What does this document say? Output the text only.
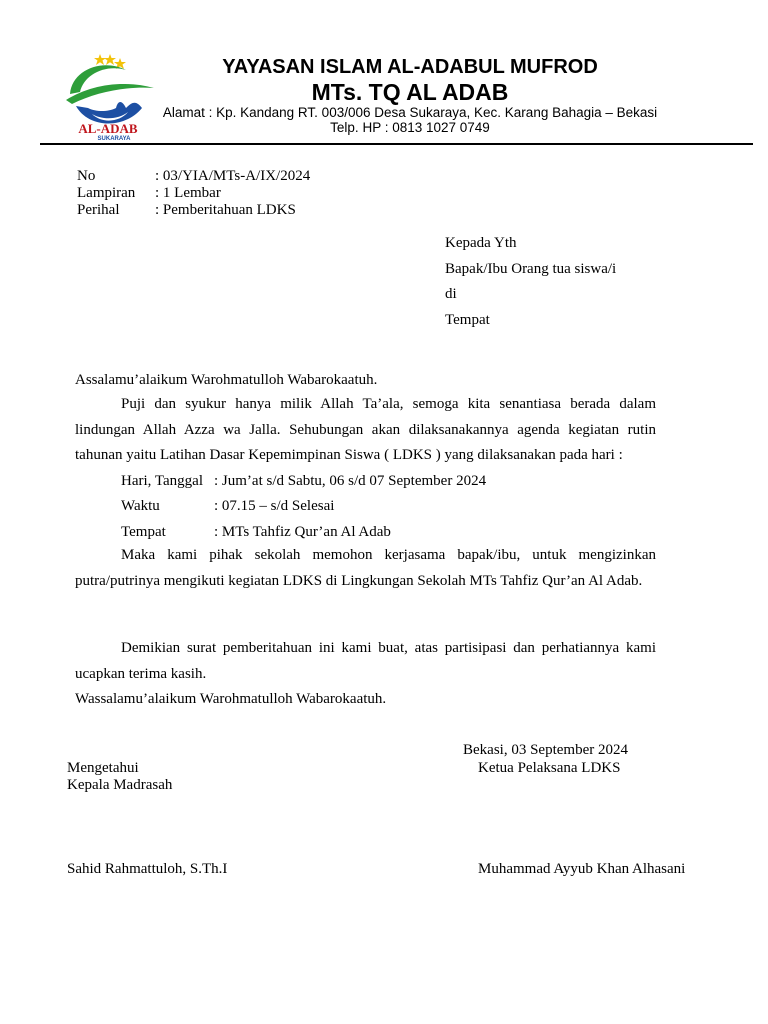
AL-ADAB
SUKARAYA
YAYASAN ISLAM AL-ADABUL MUFROD
MTs. TQ AL ADAB
Alamat : Kp. Kandang RT. 003/006 Desa Sukaraya, Kec. Karang Bahagia – Bekasi
Telp. HP : 0813 1027 0749
No	: 03/YIA/MTs-A/IX/2024
Lampiran : 1 Lembar
Perihal : Pemberitahuan LDKS
Kepada Yth
Bapak/Ibu Orang tua siswa/i
di
Tempat
Assalamu’alaikum Warohmatulloh Wabarokaatuh.
Puji dan syukur hanya milik Allah Ta’ala, semoga kita senantiasa berada dalam lindungan Allah Azza wa Jalla. Sehubungan akan dilaksanakannya agenda kegiatan rutin tahunan yaitu Latihan Dasar Kepemimpinan Siswa ( LDKS ) yang dilaksanakan pada hari :
Hari, Tanggal : Jum’at s/d Sabtu, 06 s/d 07 September 2024
Waktu	: 07.15 – s/d Selesai
Tempat	: MTs Tahfiz Qur’an Al Adab
Maka kami pihak sekolah memohon kerjasama bapak/ibu, untuk mengizinkan putra/putrinya mengikuti kegiatan LDKS di Lingkungan Sekolah MTs Tahfiz Qur’an Al Adab.
Demikian surat pemberitahuan ini kami buat, atas partisipasi dan perhatiannya kami ucapkan terima kasih.
Wassalamu’alaikum Warohmatulloh Wabarokaatuh.
Bekasi, 03 September 2024
Mengetahui	Ketua Pelaksana LDKS
Kepala Madrasah
Sahid Rahmattuloh, S.Th.I	Muhammad Ayyub Khan Alhasani
